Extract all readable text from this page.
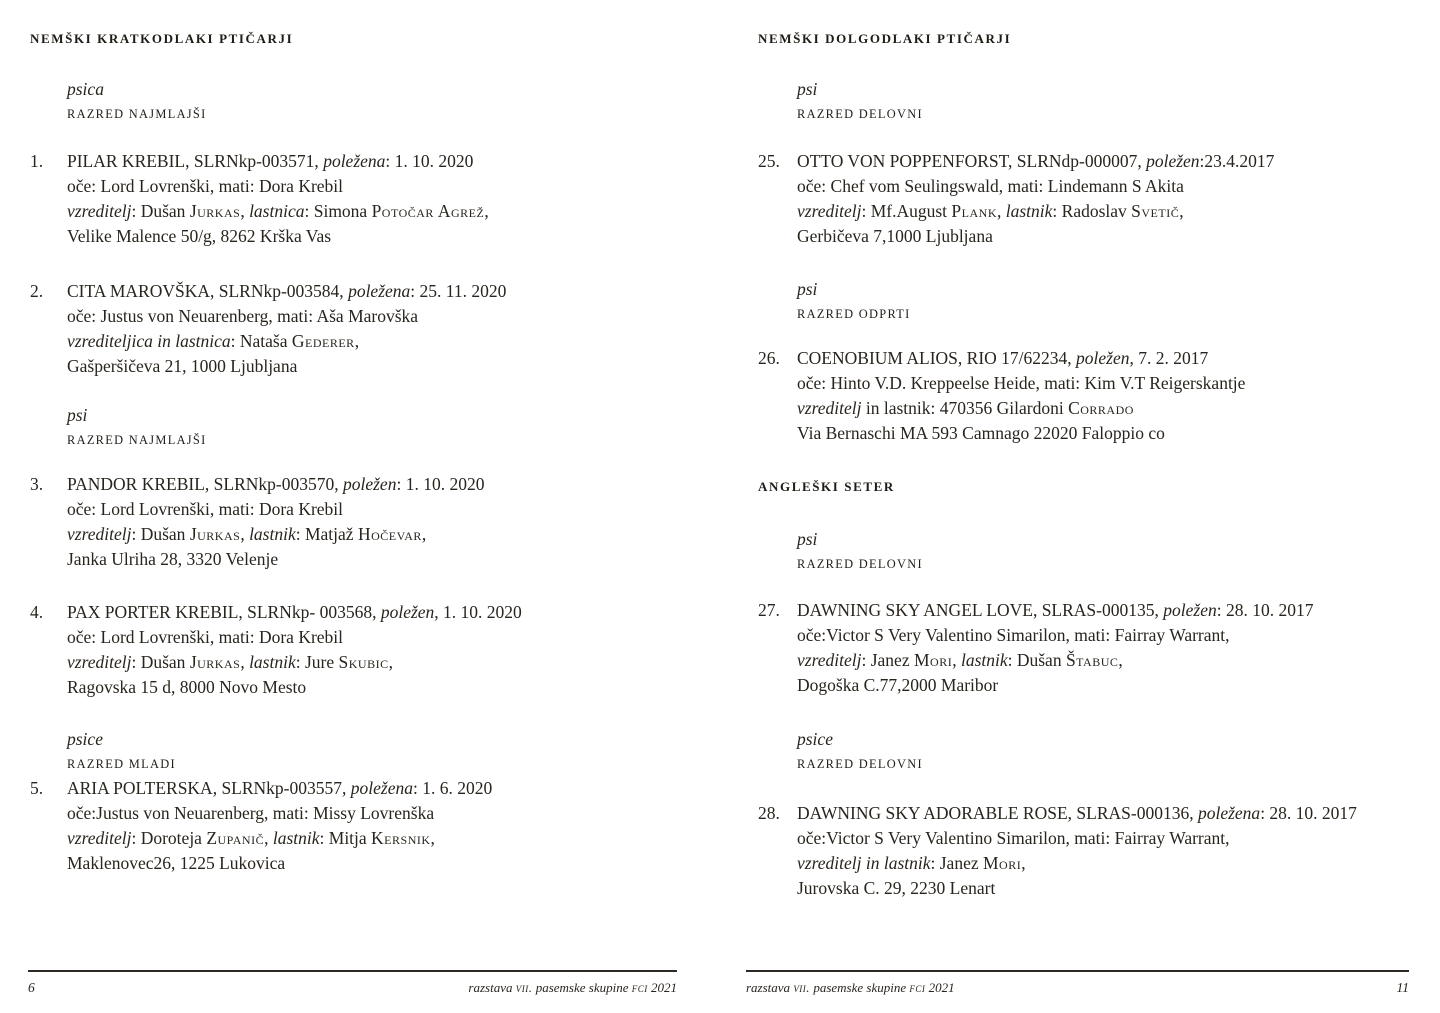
NEMŠKI KRATKODLAKI PTIČARJI
psica
RAZRED NAJMLAJŠI
1. PILAR KREBIL, SLRNkp-003571, poležena: 1. 10. 2020
oče: Lord Lovrenški, mati: Dora Krebil
vzreditelj: Dušan Jurkas, lastnica: Simona Potočar Agrež,
Velike Malence 50/g, 8262 Krška Vas
2. CITA MAROVŠKA, SLRNkp-003584, poležena: 25. 11. 2020
oče: Justus von Neuarenberg, mati: Aša Marovška
vzrediteljica in lastnica: Nataša Gederer,
Gašperšičeva 21, 1000 Ljubljana
psi
RAZRED NAJMLAJŠI
3. PANDOR KREBIL, SLRNkp-003570, poležen: 1. 10. 2020
oče: Lord Lovrenški, mati: Dora Krebil
vzreditelj: Dušan Jurkas, lastnik: Matjaž Hočevar,
Janka Ulriha 28, 3320 Velenje
4. PAX PORTER KREBIL, SLRNkp- 003568, poležen, 1. 10. 2020
oče: Lord Lovrenški, mati: Dora Krebil
vzreditelj: Dušan Jurkas, lastnik: Jure Skubic,
Ragovska 15 d, 8000 Novo Mesto
psice
RAZRED MLADI
5. ARIA POLTERSKA, SLRNkp-003557, poležena: 1. 6. 2020
oče:Justus von Neuarenberg, mati: Missy Lovrenška
vzreditelj: Doroteja Zupanič, lastnik: Mitja Kersnik,
Maklenovec26, 1225 Lukovica
6	razstava vii. pasemske skupine fci 2021
NEMŠKI DOLGODLAKI PTIČARJI
psi
RAZRED DELOVNI
25. OTTO VON POPPENFORST, SLRNdp-000007, poležen:23.4.2017
oče: Chef vom Seulingswald, mati: Lindemann S Akita
vzreditelj: Mf.August Plank, lastnik: Radoslav Svetič,
Gerbičeva 7,1000 Ljubljana
psi
RAZRED ODPRTI
26. COENOBIUM ALIOS, RIO 17/62234, poležen, 7. 2. 2017
oče: Hinto V.D. Kreppeelse Heide, mati: Kim V.T Reigerskantje
vzreditelj in lastnik: 470356 Gilardoni Corrado
Via Bernaschi MA 593 Camnago 22020 Faloppio co
ANGLEŠKI SETER
psi
RAZRED DELOVNI
27. DAWNING SKY ANGEL LOVE, SLRAS-000135, poležen: 28. 10. 2017
oče:Victor S Very Valentino Simarilon, mati: Fairray Warrant,
vzreditelj: Janez Mori, lastnik: Dušan Štabuc,
Dogoška C.77,2000 Maribor
psice
RAZRED DELOVNI
28. DAWNING SKY ADORABLE ROSE, SLRAS-000136, poležena: 28. 10. 2017
oče:Victor S Very Valentino Simarilon, mati: Fairray Warrant,
vzreditelj in lastnik: Janez Mori,
Jurovska C. 29, 2230 Lenart
razstava vii. pasemske skupine fci 2021	11
